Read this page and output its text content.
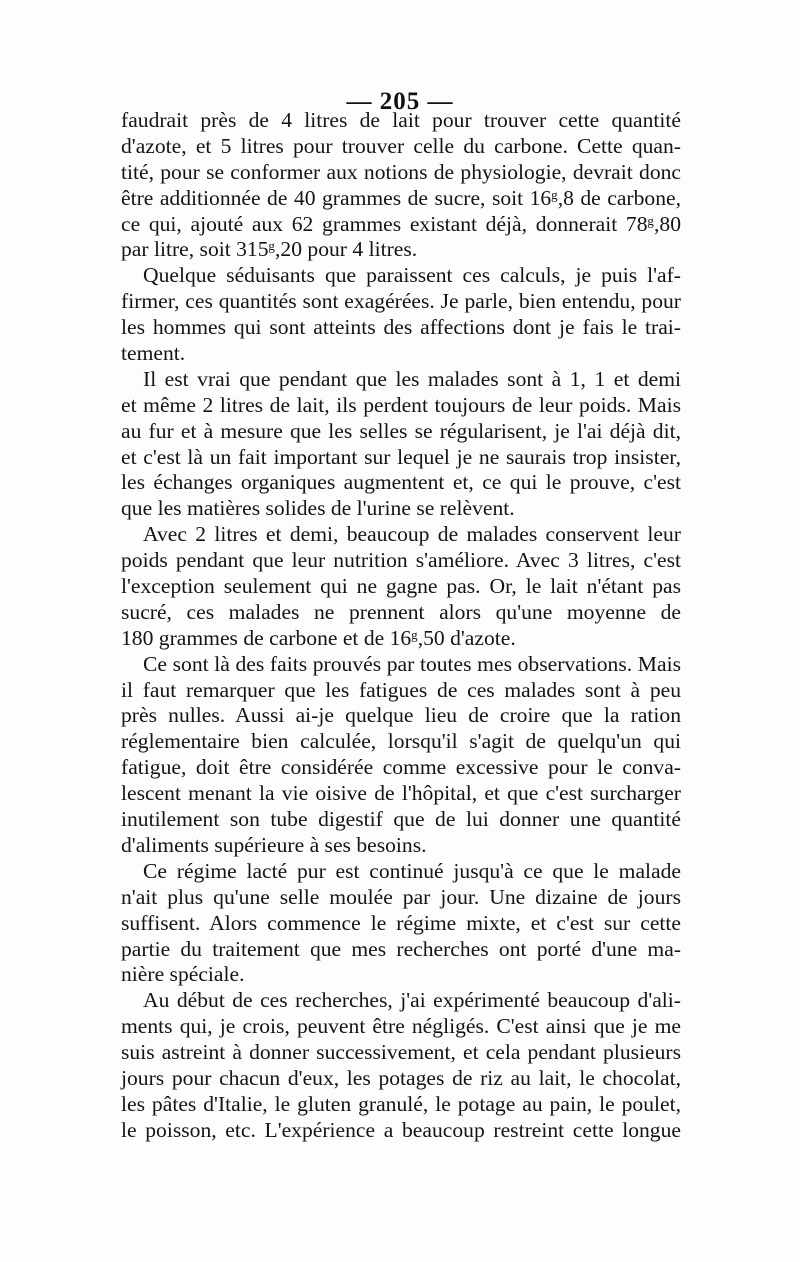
— 205 —
faudrait près de 4 litres de lait pour trouver cette quantité
d'azote, et 5 litres pour trouver celle du carbone. Cette quan-
tité, pour se conformer aux notions de physiologie, devrait donc
être additionnée de 40 grammes de sucre, soit 16ᵍ,8 de carbone,
ce qui, ajouté aux 62 grammes existant déjà, donnerait 78ᵍ,80
par litre, soit 315ᵍ,20 pour 4 litres.
Quelque séduisants que paraissent ces calculs, je puis l'af-
firmer, ces quantités sont exagérées. Je parle, bien entendu, pour
les hommes qui sont atteints des affections dont je fais le trai-
tement.
Il est vrai que pendant que les malades sont à 1, 1 et demi
et même 2 litres de lait, ils perdent toujours de leur poids. Mais
au fur et à mesure que les selles se régularisent, je l'ai déjà dit,
et c'est là un fait important sur lequel je ne saurais trop insister,
les échanges organiques augmentent et, ce qui le prouve, c'est
que les matières solides de l'urine se relèvent.
Avec 2 litres et demi, beaucoup de malades conservent leur
poids pendant que leur nutrition s'améliore. Avec 3 litres, c'est
l'exception seulement qui ne gagne pas. Or, le lait n'étant pas
sucré, ces malades ne prennent alors qu'une moyenne de
180 grammes de carbone et de 16ᵍ,50 d'azote.
Ce sont là des faits prouvés par toutes mes observations. Mais
il faut remarquer que les fatigues de ces malades sont à peu
près nulles. Aussi ai-je quelque lieu de croire que la ration
réglementaire bien calculée, lorsqu'il s'agit de quelqu'un qui
fatigue, doit être considérée comme excessive pour le conva-
lescent menant la vie oisive de l'hôpital, et que c'est surcharger
inutilement son tube digestif que de lui donner une quantité
d'aliments supérieure à ses besoins.
Ce régime lacté pur est continué jusqu'à ce que le malade
n'ait plus qu'une selle moulée par jour. Une dizaine de jours
suffisent. Alors commence le régime mixte, et c'est sur cette
partie du traitement que mes recherches ont porté d'une ma-
nière spéciale.
Au début de ces recherches, j'ai expérimenté beaucoup d'ali-
ments qui, je crois, peuvent être négligés. C'est ainsi que je me
suis astreint à donner successivement, et cela pendant plusieurs
jours pour chacun d'eux, les potages de riz au lait, le chocolat,
les pâtes d'Italie, le gluten granulé, le potage au pain, le poulet,
le poisson, etc. L'expérience a beaucoup restreint cette longue
